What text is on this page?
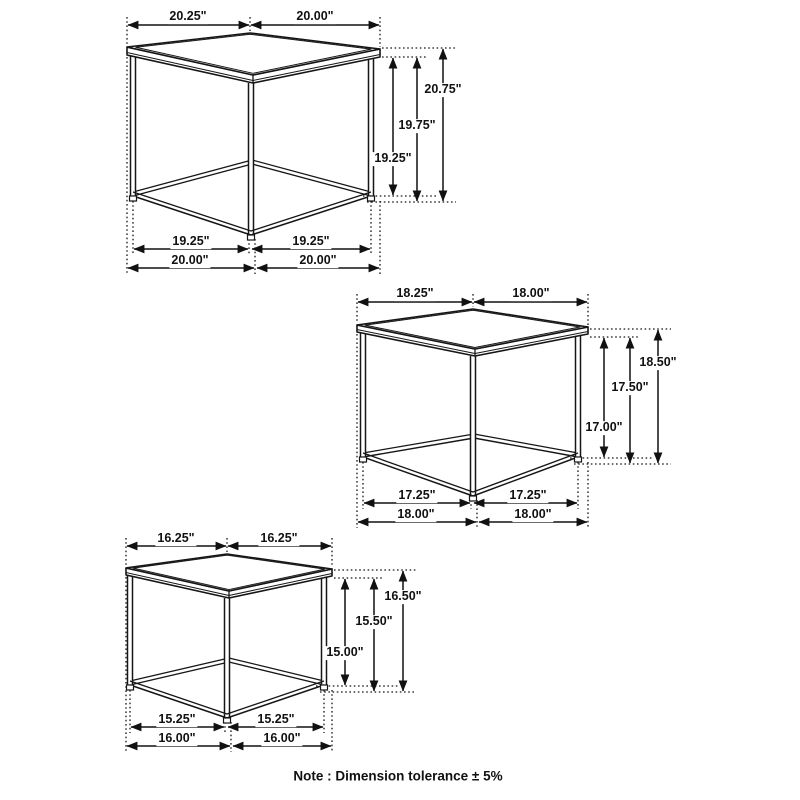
20.25"	20.00"
20.75"
19.75"
19.25"
19.25"	19.25"
20.00"	20.00"
18.25"	18.00"
18.50"
17.50"
17.00"
17.25"	17.25"
18.00"	18.00"
16.25"	16.25"
16.50"
15.50"
15.00"
15.25"	15.25"
16.00"	16.00"
Note : Dimension tolerance ± 5%
